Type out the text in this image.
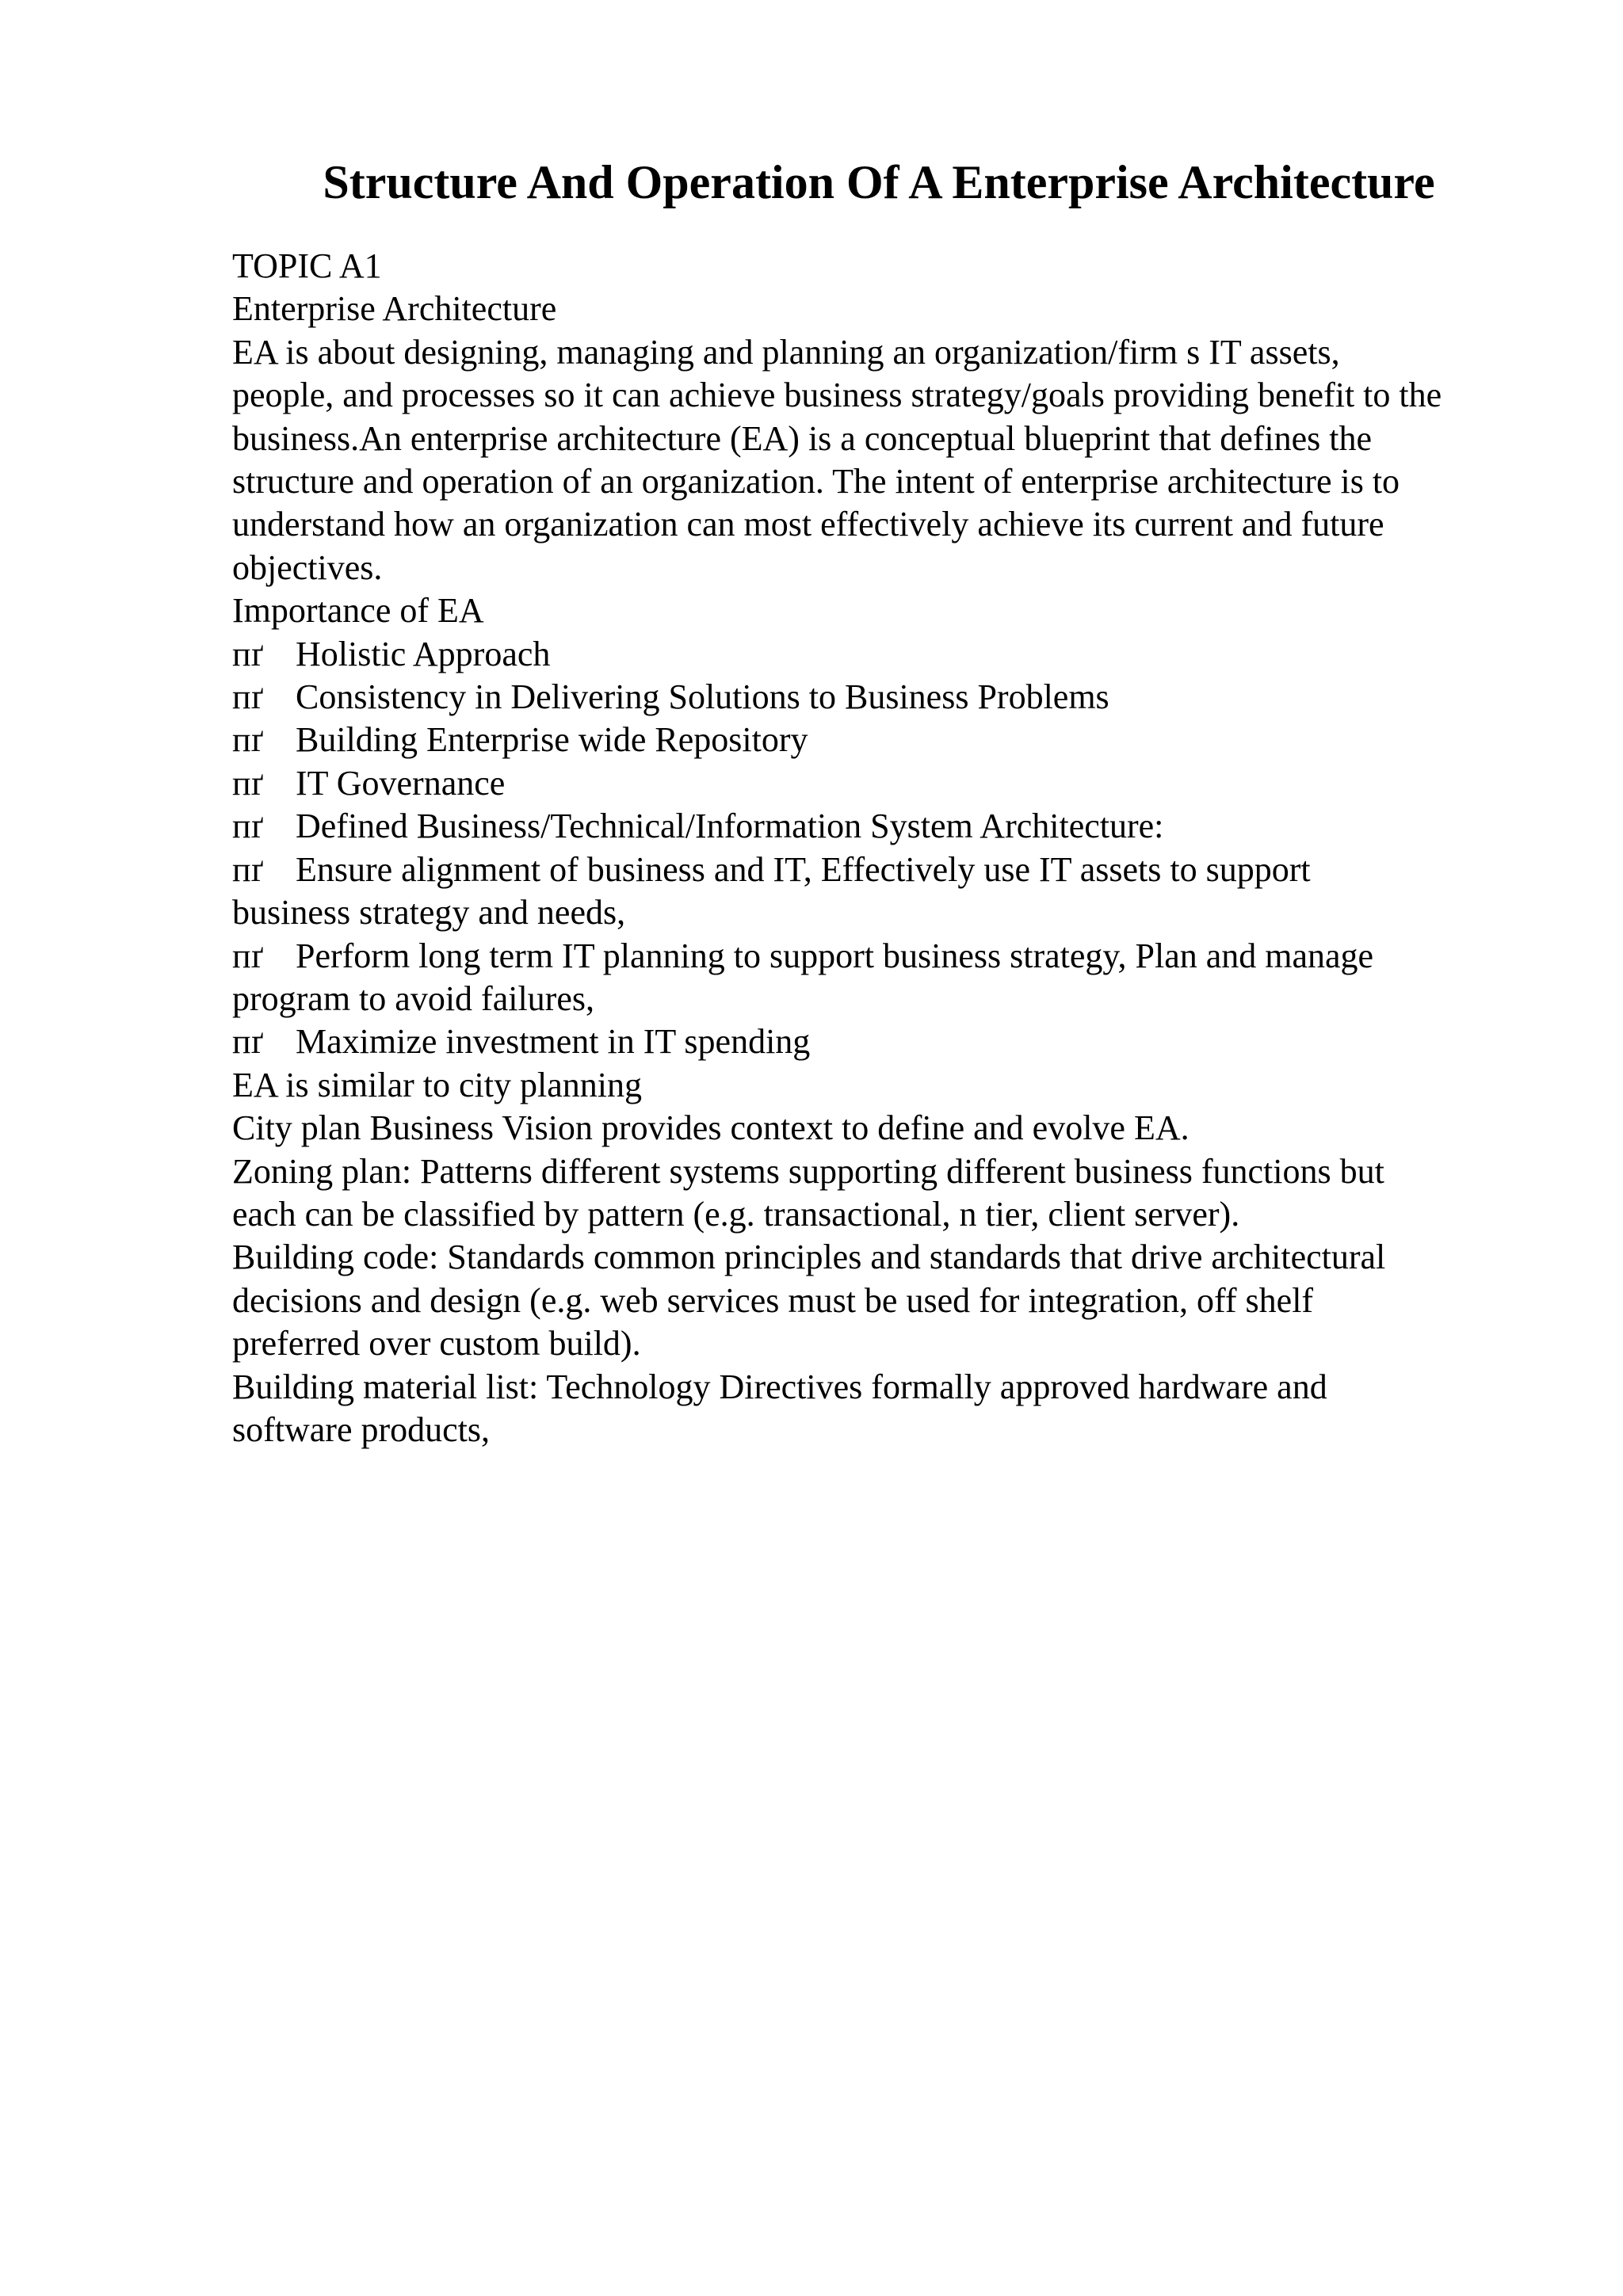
Structure And Operation Of A Enterprise Architecture

TOPIC A1

Enterprise Architecture

EA is about designing, managing and planning an organization/firm s IT assets,

people, and processes so it can achieve business strategy/goals providing benefit to the

business.An enterprise architecture (EA) is a conceptual blueprint that defines the

structure and operation of an organization. The intent of enterprise architecture is to

understand how an organization can most effectively achieve its current and future

objectives.

Importance of EA

пґ Holistic Approach

пґ Consistency in Delivering Solutions to Business Problems

пґ Building Enterprise wide Repository

пґ IT Governance

пґ Defined Business/Technical/Information System Architecture:

пґ Ensure alignment of business and IT, Effectively use IT assets to support

business strategy and needs,

пґ Perform long term IT planning to support business strategy, Plan and manage

program to avoid failures,

пґ Maximize investment in IT spending

EA is similar to city planning

City plan Business Vision provides context to define and evolve EA.

Zoning plan: Patterns different systems supporting different business functions but

each can be classified by pattern (e.g. transactional, n tier, client server).

Building code: Standards common principles and standards that drive architectural

decisions and design (e.g. web services must be used for integration, off shelf

preferred over custom build).

Building material list: Technology Directives formally approved hardware and

software products,
